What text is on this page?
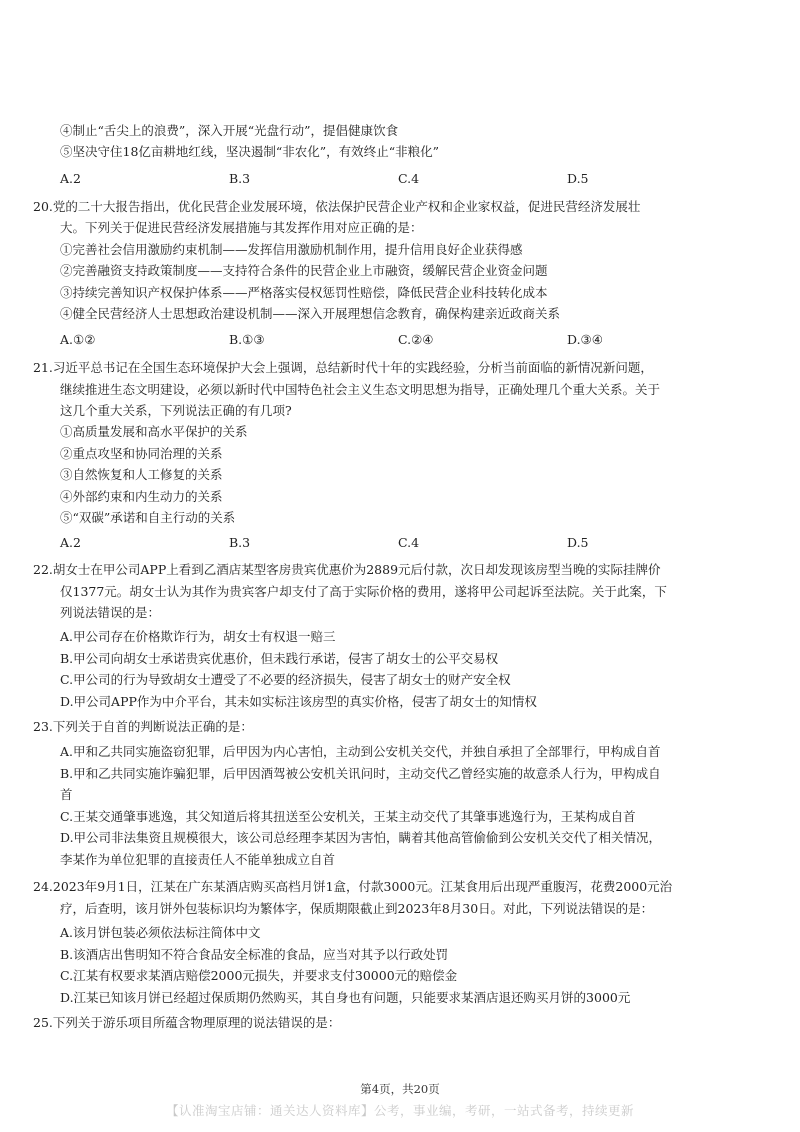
④制止“舌尖上的浪费”，深入开展“光盘行动”，提倡健康饮食
⑤坚决守住18亿亩耕地红线，坚决遏制“非农化”，有效终止“非粮化”
A.2	B.3	C.4	D.5
20.党的二十大报告指出，优化民营企业发展环境，依法保护民营企业产权和企业家权益，促进民营经济发展壮
大。下列关于促进民营经济发展措施与其发挥作用对应正确的是：
①完善社会信用激励约束机制——发挥信用激励机制作用，提升信用良好企业获得感
②完善融资支持政策制度——支持符合条件的民营企业上市融资，缓解民营企业资金问题
③持续完善知识产权保护体系——严格落实侵权惩罚性赔偿，降低民营企业科技转化成本
④健全民营经济人士思想政治建设机制——深入开展理想信念教育，确保构建亲近政商关系
A.①②	B.①③	C.②④	D.③④
21.习近平总书记在全国生态环境保护大会上强调，总结新时代十年的实践经验，分析当前面临的新情况新问题，
继续推进生态文明建设，必须以新时代中国特色社会主义生态文明思想为指导，正确处理几个重大关系。关于
这几个重大关系，下列说法正确的有几项?
①高质量发展和高水平保护的关系
②重点攻坚和协同治理的关系
③自然恢复和人工修复的关系
④外部约束和内生动力的关系
⑤“双碳”承诺和自主行动的关系
A.2	B.3	C.4	D.5
22.胡女士在甲公司APP上看到乙酒店某型客房贵宾优惠价为2889元后付款，次日却发现该房型当晚的实际挂牌价
仅1377元。胡女士认为其作为贵宾客户却支付了高于实际价格的费用，遂将甲公司起诉至法院。关于此案，下
列说法错误的是：
A.甲公司存在价格欺诈行为，胡女士有权退一赔三
B.甲公司向胡女士承诺贵宾优惠价，但未践行承诺，侵害了胡女士的公平交易权
C.甲公司的行为导致胡女士遭受了不必要的经济损失，侵害了胡女士的财产安全权
D.甲公司APP作为中介平台，其未如实标注该房型的真实价格，侵害了胡女士的知情权
23.下列关于自首的判断说法正确的是：
A.甲和乙共同实施盗窃犯罪，后甲因为内心害怕，主动到公安机关交代，并独自承担了全部罪行，甲构成自首
B.甲和乙共同实施诈骗犯罪，后甲因酒驾被公安机关讯问时，主动交代乙曾经实施的故意杀人行为，甲构成自
首
C.王某交通肇事逃逸，其父知道后将其扭送至公安机关，王某主动交代了其肇事逃逸行为，王某构成自首
D.甲公司非法集资且规模很大，该公司总经理李某因为害怕，瞒着其他高管偷偷到公安机关交代了相关情况，
李某作为单位犯罪的直接责任人不能单独成立自首
24.2023年9月1日，江某在广东某酒店购买高档月饼1盒，付款3000元。江某食用后出现严重腹泻，花费2000元治
疗，后查明，该月饼外包装标识均为繁体字，保质期限截止到2023年8月30日。对此，下列说法错误的是：
A.该月饼包装必须依法标注简体中文
B.该酒店出售明知不符合食品安全标准的食品，应当对其予以行政处罚
C.江某有权要求某酒店赔偿2000元损失，并要求支付30000元的赔偿金
D.江某已知该月饼已经超过保质期仍然购买，其自身也有问题，只能要求某酒店退还购买月饼的3000元
25.下列关于游乐项目所蕴含物理原理的说法错误的是：
第4页，共20页
【认准淘宝店铺：通关达人资料库】公考，事业编，考研，一站式备考，持续更新
